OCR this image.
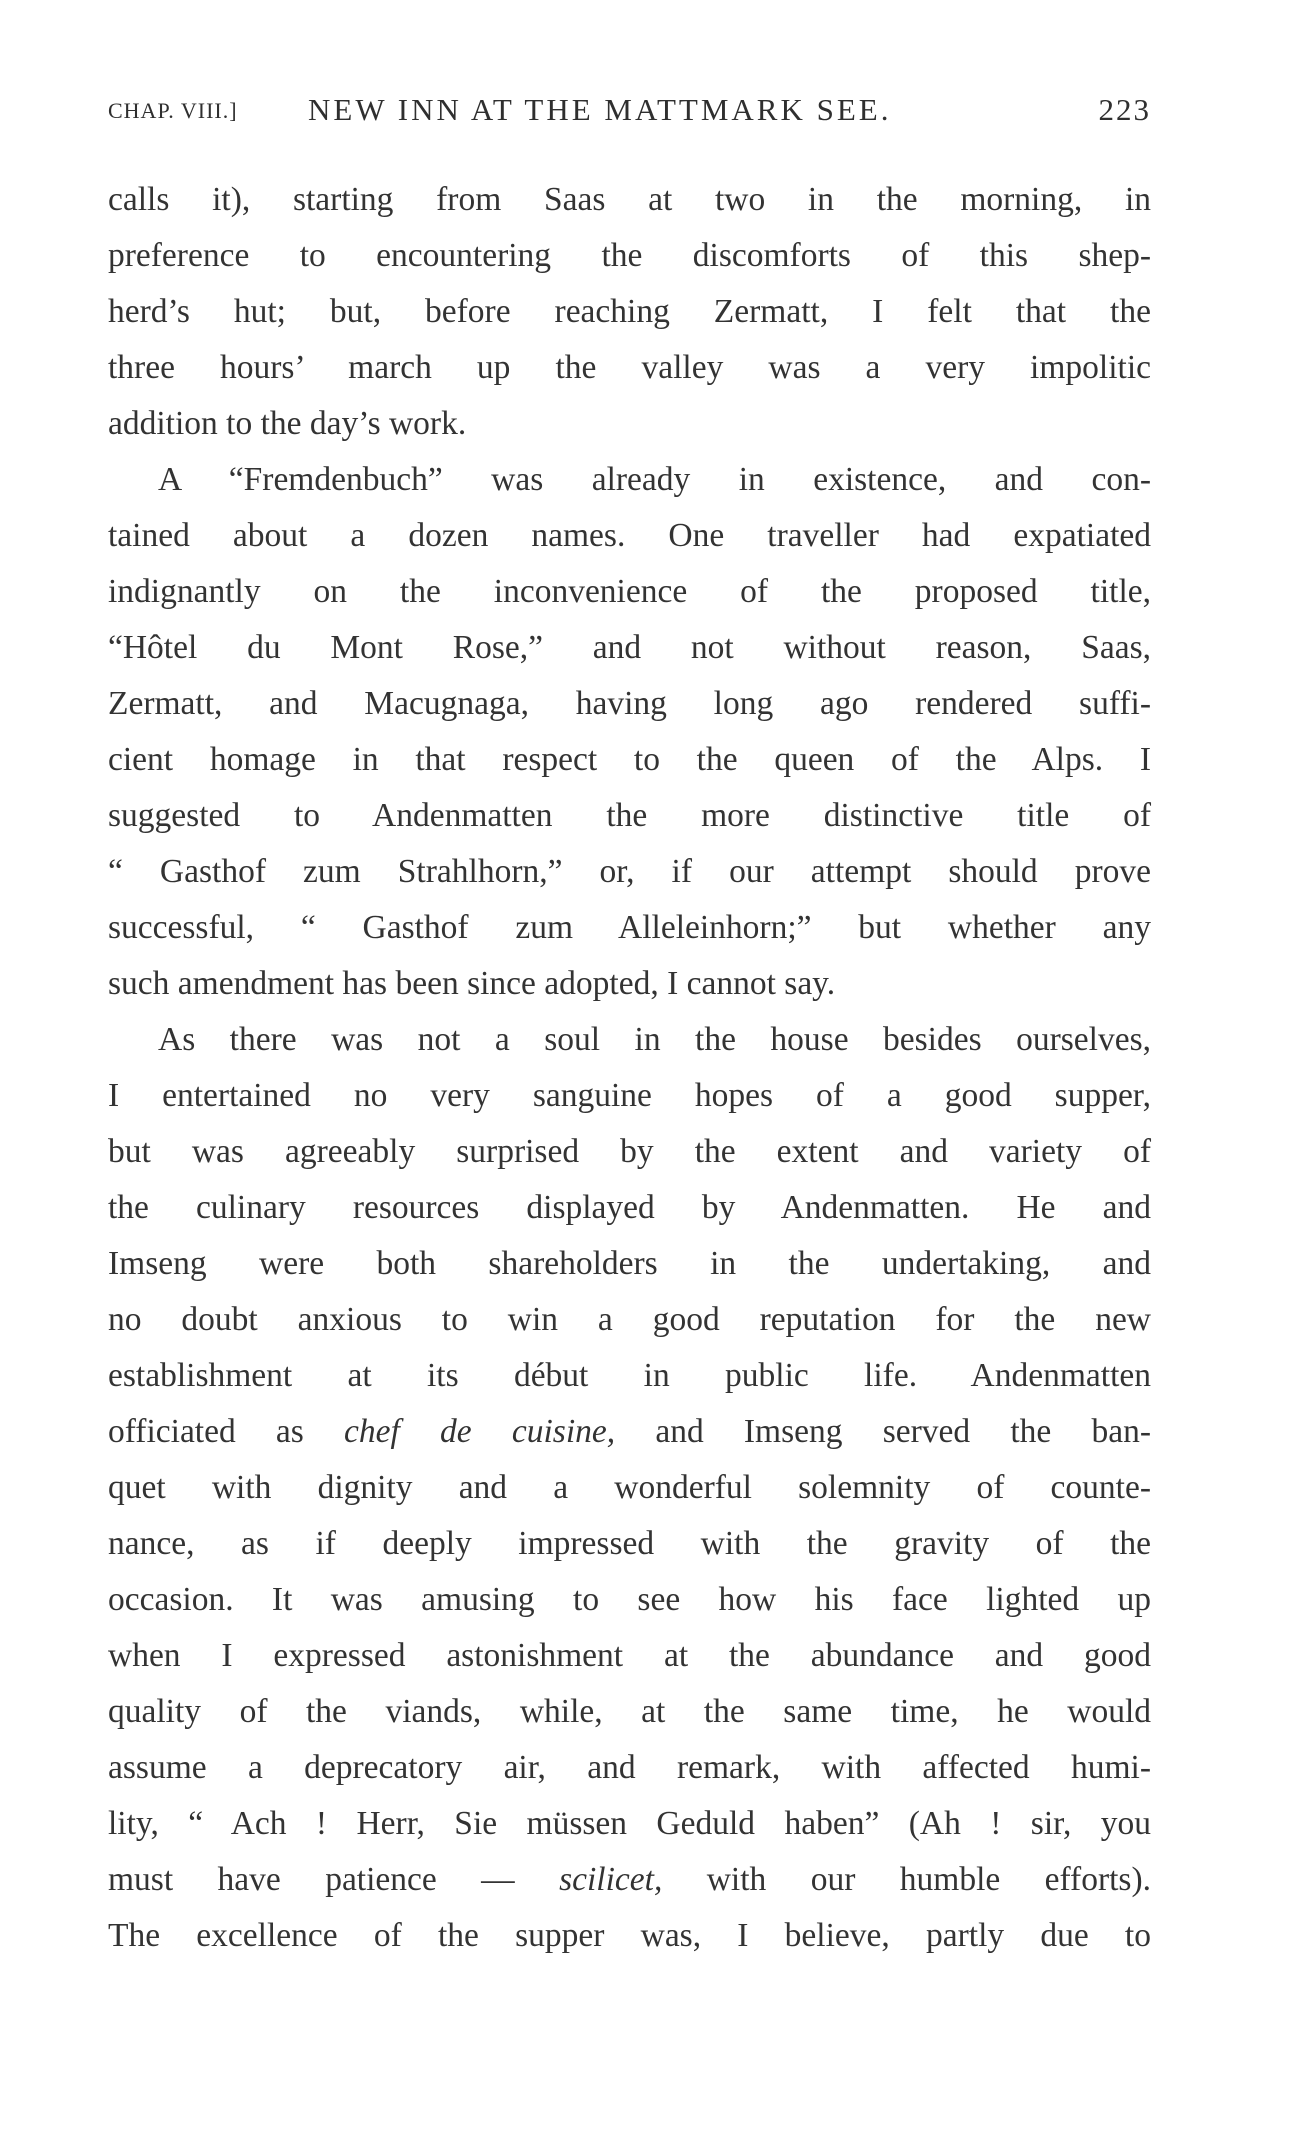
CHAP. VIII.] NEW INN AT THE MATTMARK SEE.	223
calls it), starting from Saas at two in the morning, in
preference to encountering the discomforts of this shep-
herd’s hut; but, before reaching Zermatt, I felt that the
three hours’ march up the valley was a very impolitic
addition to the day’s work.
A “Fremdenbuch” was already in existence, and con-
tained about a dozen names. One traveller had expatiated
indignantly on the inconvenience of the proposed title,
“Hôtel du Mont Rose,” and not without reason, Saas,
Zermatt, and Macugnaga, having long ago rendered suffi-
cient homage in that respect to the queen of the Alps. I
suggested to Andenmatten the more distinctive title of
“ Gasthof zum Strahlhorn,” or, if our attempt should prove
successful, “ Gasthof zum Alleleinhorn;” but whether any
such amendment has been since adopted, I cannot say.
As there was not a soul in the house besides ourselves,
I entertained no very sanguine hopes of a good supper,
but was agreeably surprised by the extent and variety of
the culinary resources displayed by Andenmatten. He and
Imseng were both shareholders in the undertaking, and
no doubt anxious to win a good reputation for the new
establishment at its début in public life. Andenmatten
officiated as chef de cuisine, and Imseng served the ban-
quet with dignity and a wonderful solemnity of counte-
nance, as if deeply impressed with the gravity of the
occasion. It was amusing to see how his face lighted up
when I expressed astonishment at the abundance and good
quality of the viands, while, at the same time, he would
assume a deprecatory air, and remark, with affected humi-
lity, “ Ach ! Herr, Sie müssen Geduld haben” (Ah ! sir, you
must have patience — scilicet, with our humble efforts).
The excellence of the supper was, I believe, partly due to
